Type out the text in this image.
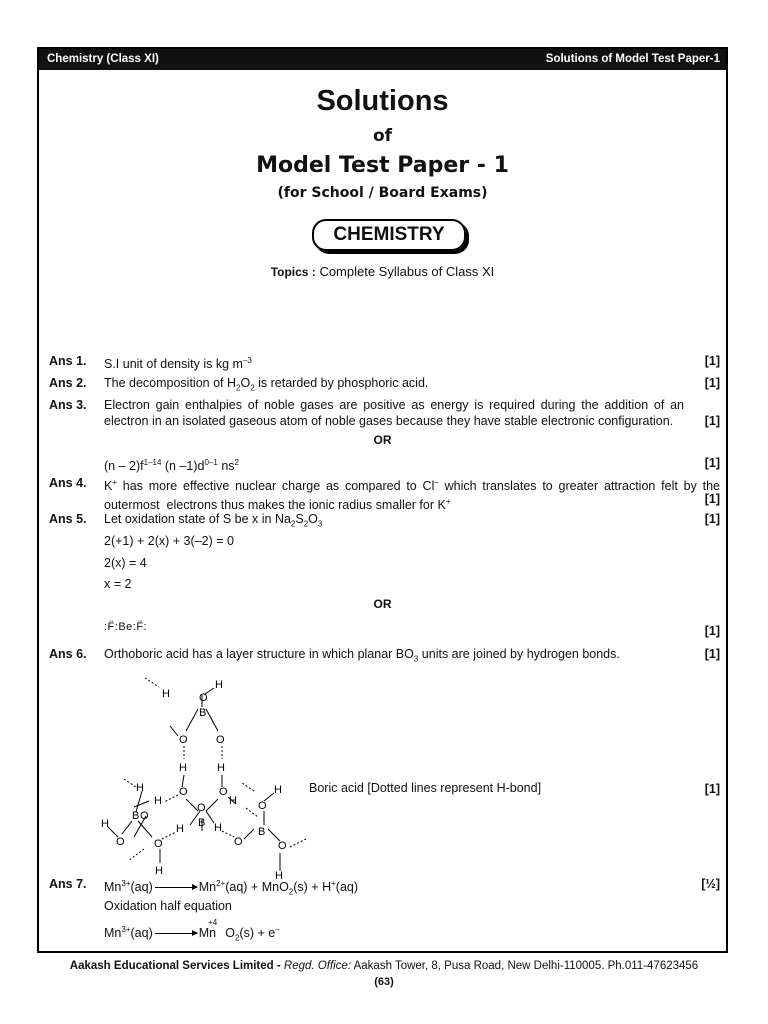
Chemistry (Class XI)	Solutions of Model Test Paper-1
Solutions
of
Model Test Paper - 1
(for School / Board Exams)
CHEMISTRY
Topics : Complete Syllabus of Class XI
Ans 1.	S.I unit of density is kg $m^{-3}$	[1]
Ans 2.	The decomposition of $H_2O_2$ is retarded by phosphoric acid.	[1]
Ans 3.	Electron gain enthalpies of noble gases are positive as energy is required during the addition of an electron in an isolated gaseous atom of noble gases because they have stable electronic configuration.	[1]
OR
$(n - 2)f^{1-14}$ (n $-1)d^{0-1}$ $ns^2$	[1]
Ans 4.	K+ has more effective nuclear charge as compared to Cl– which translates to greater attraction felt by the outermost  electrons thus makes the ionic radius smaller for K+	[1]
Ans 5.	Let oxidation state of S be x in $Na_2S_2O_3$	[1]
2(+1) + 2(x) + 3(–2) = 0
2(x) = 4
x = 2
OR
:F̈:Be:F̈:	[1]
Ans 6.	Orthoboric acid has a layer structure in which planar $BO_3$ units are joined by hydrogen bonds.	[1]
O
H
B
H
O	O
H	H
O	O
B
H
O
H
H
B
H
O	O
H
H
O
H
O
O
H
B
O
H
Boric acid [Dotted lines represent H-bond]	[1]
Ans 7.	$Mn^{3+}(aq)$	$Mn^{2+}(aq) + MnO_2(s) + H^+(aq)$	[½]
Oxidation half equation
$Mn^{3+}(aq)$	$Mn^{+4}O_2(s) + e^-$
Aakash Educational Services Limited - Regd. Office: Aakash Tower, 8, Pusa Road, New Delhi-110005. Ph.011-47623456
(63)
